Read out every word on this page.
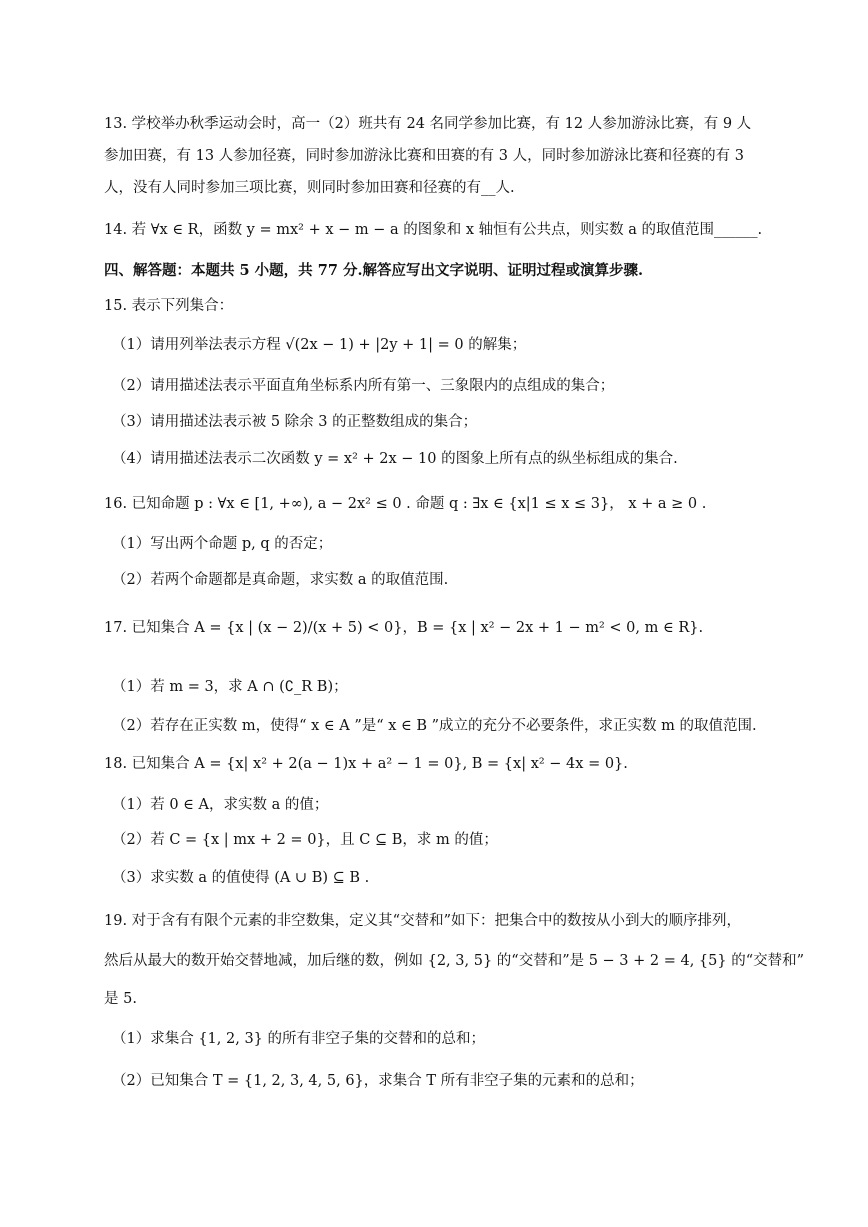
13. 学校举办秋季运动会时，高一（2）班共有 24 名同学参加比赛，有 12 人参加游泳比赛，有 9 人
参加田赛，有 13 人参加径赛，同时参加游泳比赛和田赛的有 3 人，同时参加游泳比赛和径赛的有 3
人，没有人同时参加三项比赛，则同时参加田赛和径赛的有__人.
14. 若 ∀x ∈ R，函数 y = mx² + x − m − a 的图象和 x 轴恒有公共点，则实数 a 的取值范围______.
四、解答题：本题共 5 小题，共 77 分.解答应写出文字说明、证明过程或演算步骤.
15. 表示下列集合：
（1）请用列举法表示方程 √(2x − 1) + |2y + 1| = 0 的解集；
（2）请用描述法表示平面直角坐标系内所有第一、三象限内的点组成的集合；
（3）请用描述法表示被 5 除余 3 的正整数组成的集合；
（4）请用描述法表示二次函数 y = x² + 2x − 10 的图象上所有点的纵坐标组成的集合.
16. 已知命题 p : ∀x ∈ [1, +∞), a − 2x² ≤ 0 . 命题 q : ∃x ∈ {x|1 ≤ x ≤ 3}， x + a ≥ 0 .
（1）写出两个命题 p, q 的否定；
（2）若两个命题都是真命题，求实数 a 的取值范围.
17. 已知集合 A = {x | (x − 2)/(x + 5) < 0}，B = {x | x² − 2x + 1 − m² < 0, m ∈ R}.
（1）若 m = 3，求 A ∩ (∁_R B)；
（2）若存在正实数 m，使得“ x ∈ A ”是“ x ∈ B ”成立的充分不必要条件，求正实数 m 的取值范围.
18. 已知集合 A = {x| x² + 2(a − 1)x + a² − 1 = 0}, B = {x| x² − 4x = 0}.
（1）若 0 ∈ A，求实数 a 的值；
（2）若 C = {x | mx + 2 = 0}，且 C ⊆ B，求 m 的值；
（3）求实数 a 的值使得 (A ∪ B) ⊆ B .
19. 对于含有有限个元素的非空数集，定义其“交替和”如下：把集合中的数按从小到大的顺序排列，
然后从最大的数开始交替地减，加后继的数，例如 {2, 3, 5} 的“交替和”是 5 − 3 + 2 = 4, {5} 的“交替和”
是 5.
（1）求集合 {1, 2, 3} 的所有非空子集的交替和的总和；
（2）已知集合 T = {1, 2, 3, 4, 5, 6}，求集合 T 所有非空子集的元素和的总和；
